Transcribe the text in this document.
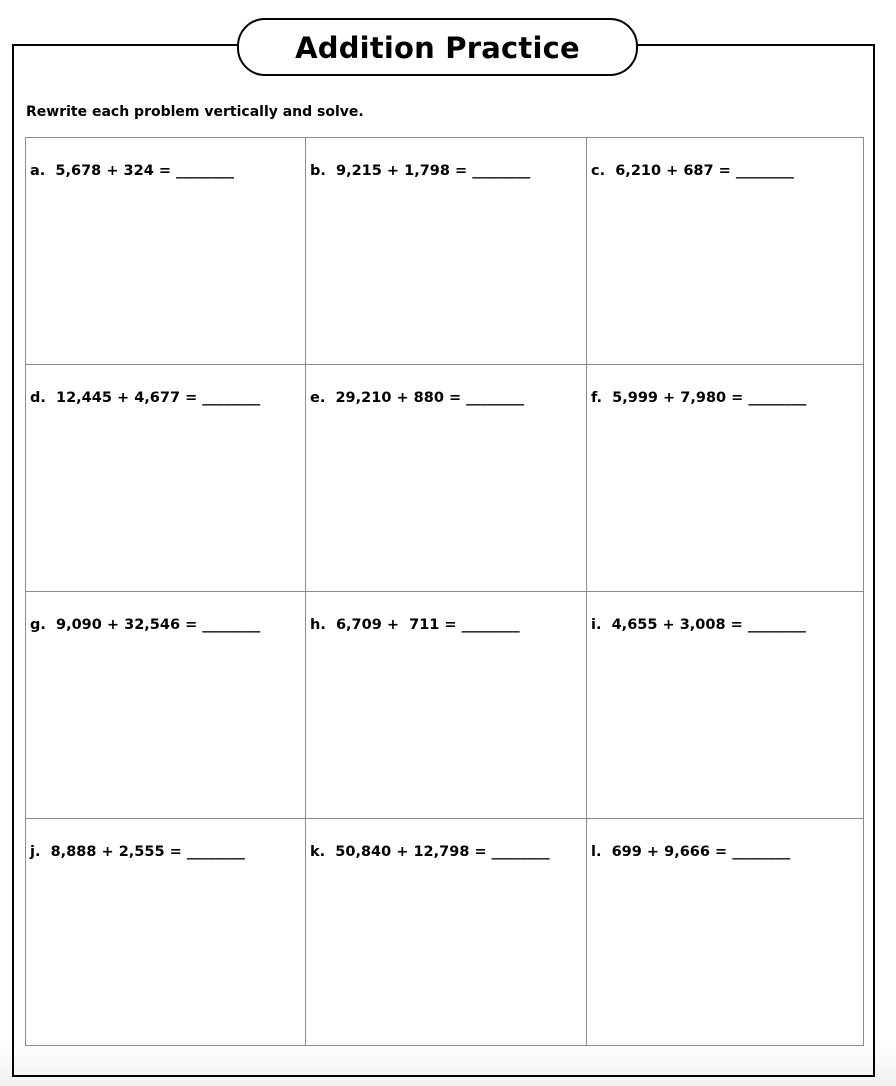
Addition Practice
Rewrite each problem vertically and solve.
a. 5,678 + 324 = ________	b. 9,215 + 1,798 = ________	c. 6,210 + 687 = ________
d. 12,445 + 4,677 = ________	e. 29,210 + 880 = ________	f. 5,999 + 7,980 = ________
g. 9,090 + 32,546 = ________	h. 6,709 +  711 = ________	i. 4,655 + 3,008 = ________
j. 8,888 + 2,555 = ________	k. 50,840 + 12,798 = ________	l. 699 + 9,666 = ________
